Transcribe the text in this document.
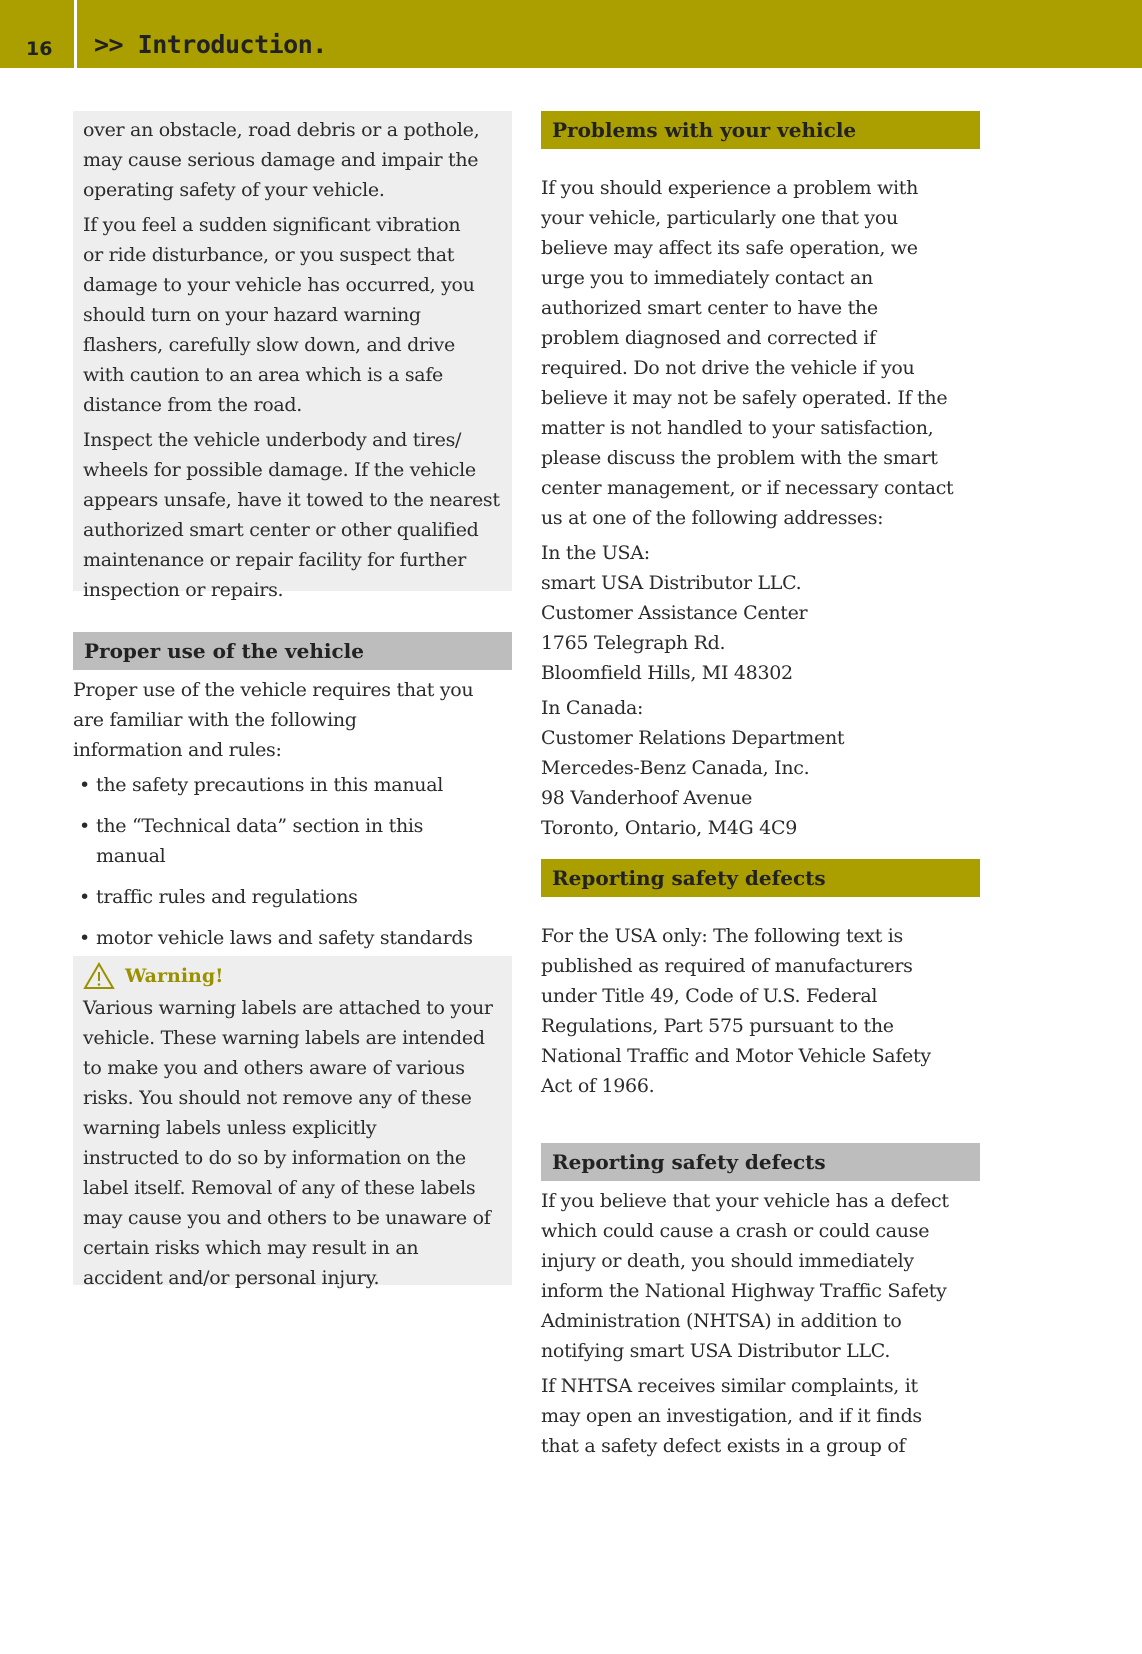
16 >> Introduction.
over an obstacle, road debris or a pothole,
may cause serious damage and impair the
operating safety of your vehicle.
If you feel a sudden significant vibration
or ride disturbance, or you suspect that
damage to your vehicle has occurred, you
should turn on your hazard warning
flashers, carefully slow down, and drive
with caution to an area which is a safe
distance from the road.
Inspect the vehicle underbody and tires/
wheels for possible damage. If the vehicle
appears unsafe, have it towed to the nearest
authorized smart center or other qualified
maintenance or repair facility for further
inspection or repairs.
Proper use of the vehicle
Proper use of the vehicle requires that you
are familiar with the following
information and rules:
• the safety precautions in this manual
• the “Technical data” section in this
manual
• traffic rules and regulations
• motor vehicle laws and safety standards
Warning!
Various warning labels are attached to your
vehicle. These warning labels are intended
to make you and others aware of various
risks. You should not remove any of these
warning labels unless explicitly
instructed to do so by information on the
label itself. Removal of any of these labels
may cause you and others to be unaware of
certain risks which may result in an
accident and/or personal injury.
Problems with your vehicle
If you should experience a problem with
your vehicle, particularly one that you
believe may affect its safe operation, we
urge you to immediately contact an
authorized smart center to have the
problem diagnosed and corrected if
required. Do not drive the vehicle if you
believe it may not be safely operated. If the
matter is not handled to your satisfaction,
please discuss the problem with the smart
center management, or if necessary contact
us at one of the following addresses:
In the USA:
smart USA Distributor LLC.
Customer Assistance Center
1765 Telegraph Rd.
Bloomfield Hills, MI 48302
In Canada:
Customer Relations Department
Mercedes-Benz Canada, Inc.
98 Vanderhoof Avenue
Toronto, Ontario, M4G 4C9
Reporting safety defects
For the USA only: The following text is
published as required of manufacturers
under Title 49, Code of U.S. Federal
Regulations, Part 575 pursuant to the
National Traffic and Motor Vehicle Safety
Act of 1966.
Reporting safety defects
If you believe that your vehicle has a defect
which could cause a crash or could cause
injury or death, you should immediately
inform the National Highway Traffic Safety
Administration (NHTSA) in addition to
notifying smart USA Distributor LLC.
If NHTSA receives similar complaints, it
may open an investigation, and if it finds
that a safety defect exists in a group of
